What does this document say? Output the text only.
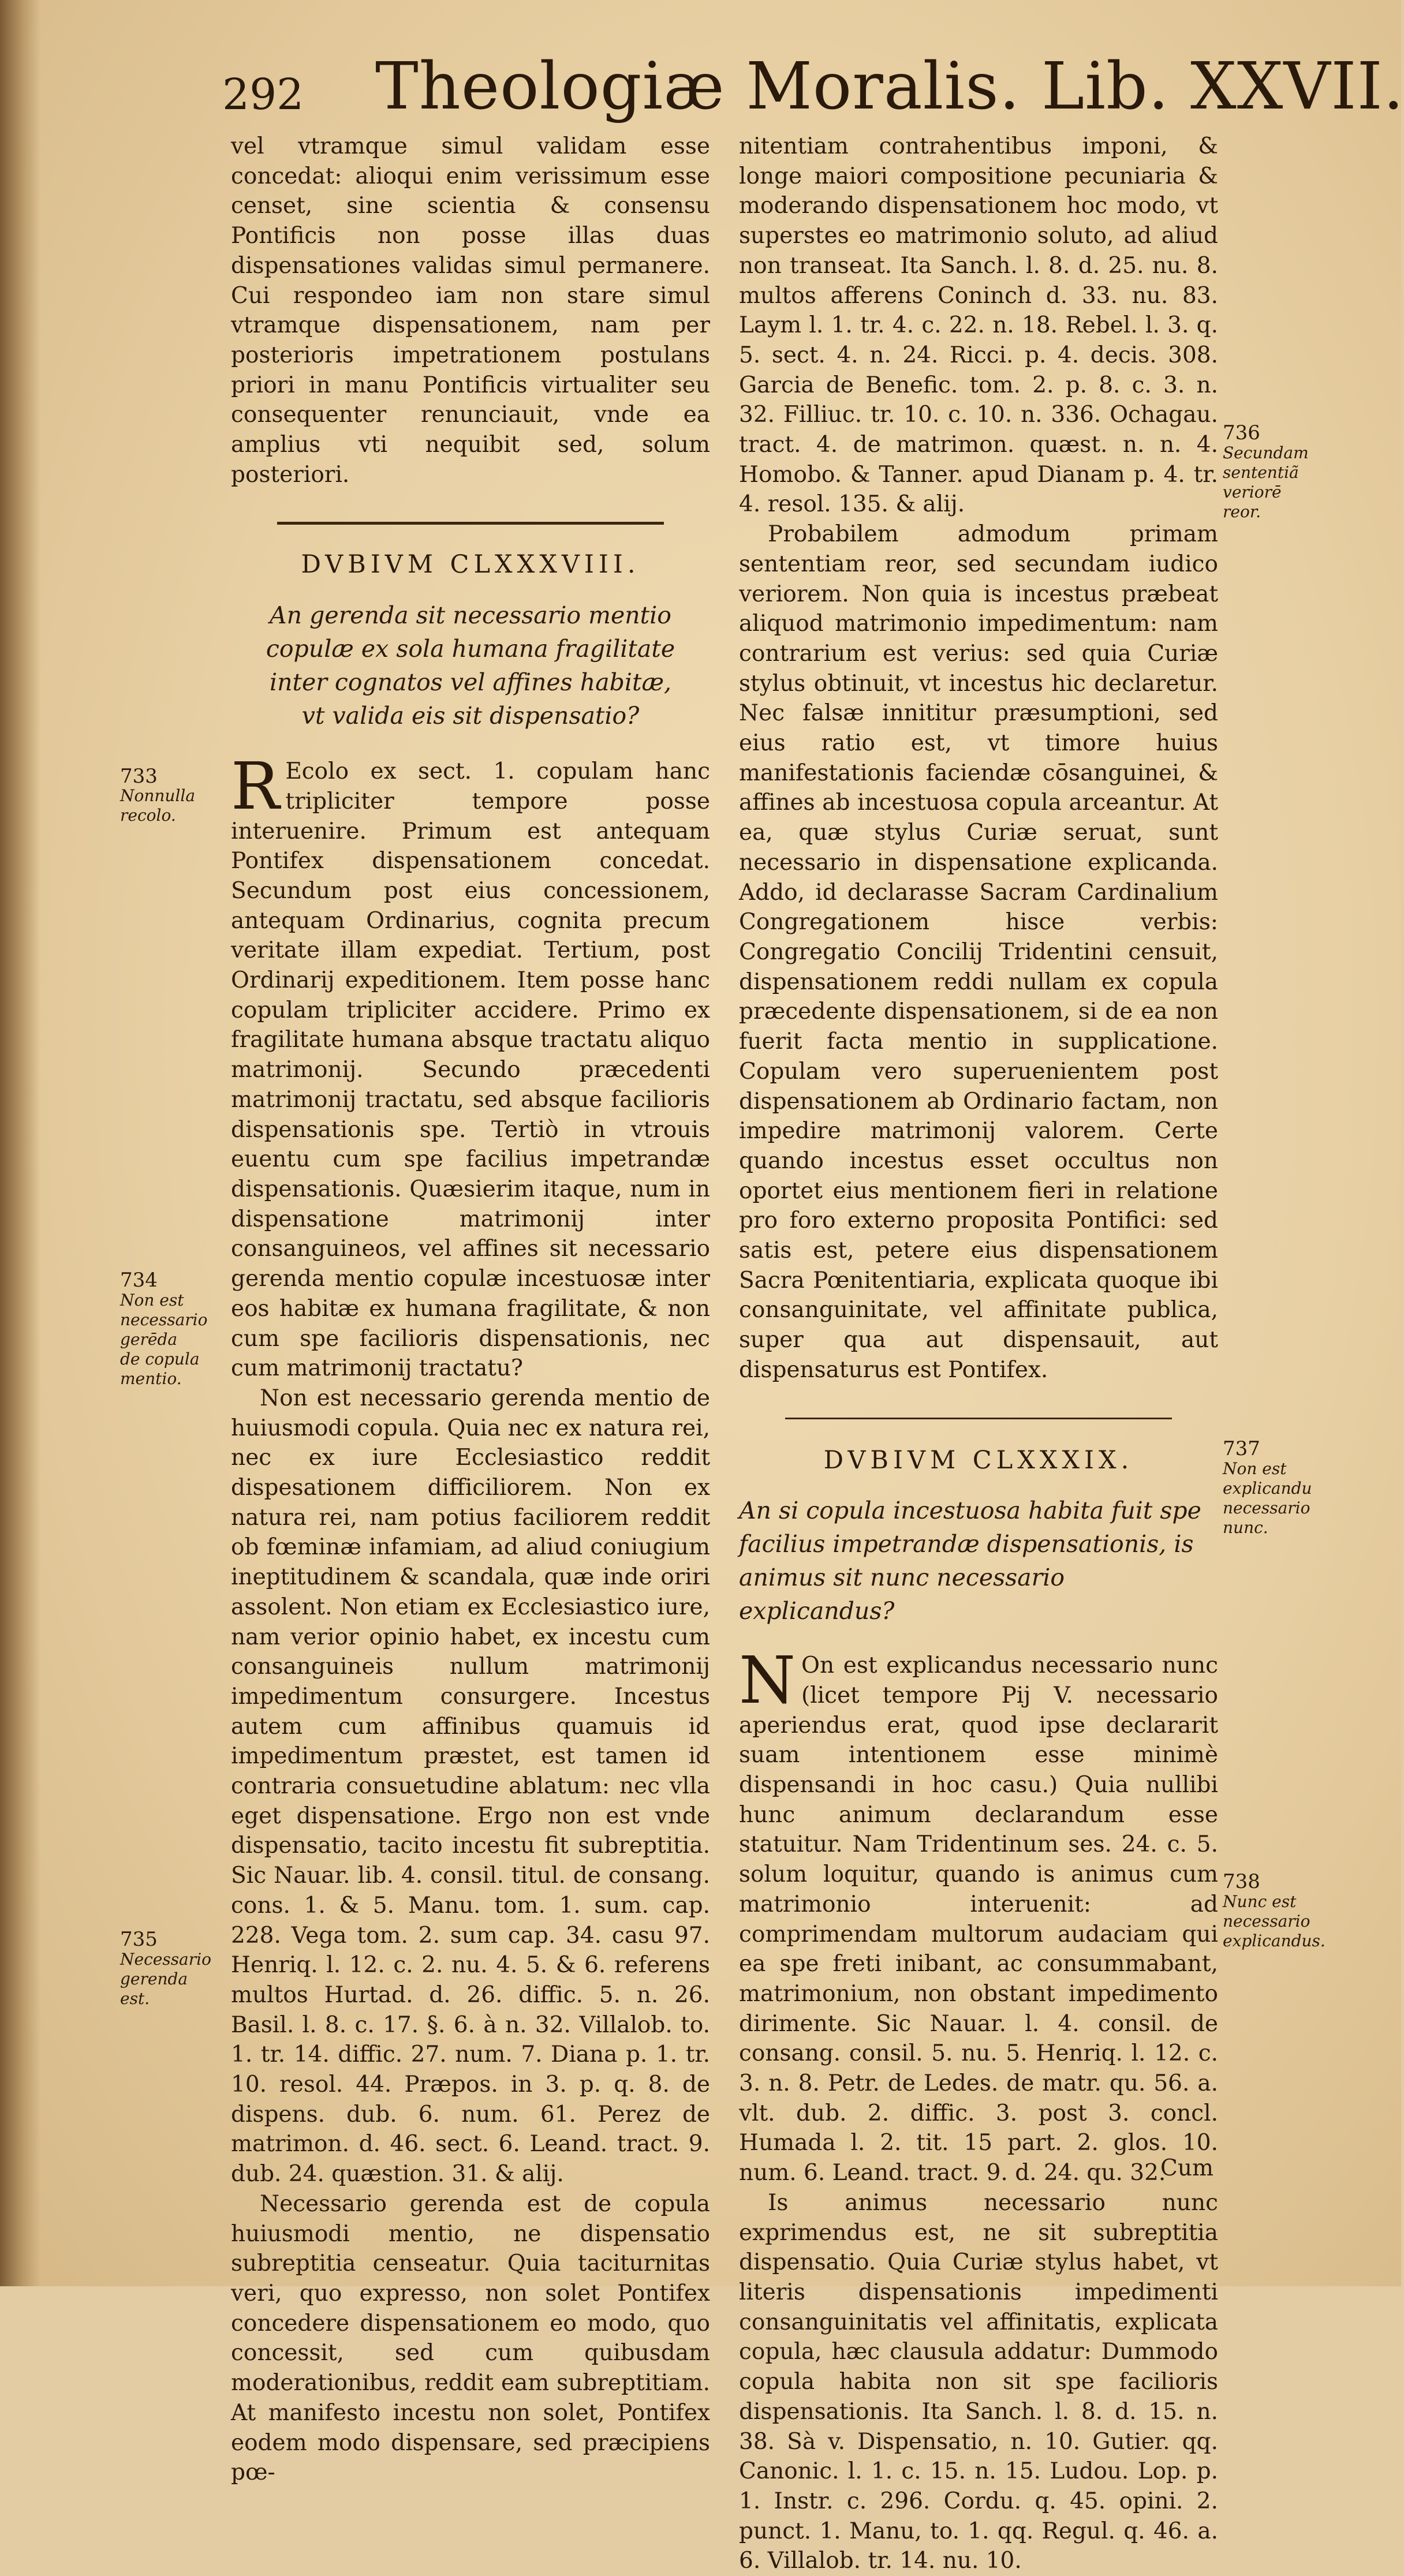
292 Theologiæ Moralis. Lib. XXVII.

vel vtramque simul validam esse concedat: alioqui enim verissimum esse censet, sine scientia & consensu Pontificis non posse illas duas dispensationes validas simul permanere. Cui respondeo iam non stare simul vtramque dispensationem, nam per posterioris impetrationem postulans priori in manu Pontificis virtualiter seu consequenter renunciauit, vnde ea amplius vti nequibit sed, solum posteriori.

DVBIVM CLXXXVIII.
An gerenda sit necessario mentio copulæ ex sola humana fragilitate inter cognatos vel affines habitæ, vt valida eis sit dispensatio?

R Ecolo ex sect. 1. copulam hanc tripliciter tempore posse interuenire. Primum est antequam Pontifex dispensationem concedat. Secundum post eius concessionem, antequam Ordinarius, cognita precum veritate illam expediat. Tertium, post Ordinarij expeditionem. Item posse hanc copulam tripliciter accidere. Primo ex fragilitate humana absque tractatu aliquo matrimonij. Secundo præcedenti matrimonij tractatu, sed absque facilioris dispensationis spe. Tertiò in vtrouis euentu cum spe facilius impetrandæ dispensationis. Quæsierim itaque, num in dispensatione matrimonij inter consanguineos, vel affines sit necessario gerenda mentio copulæ incestuosæ inter eos habitæ ex humana fragilitate, & non cum spe facilioris dispensationis, nec cum matrimonij tractatu?

Non est necessario gerenda mentio de huiusmodi copula. Quia nec ex natura rei, nec ex iure Ecclesiastico reddit dispesationem difficiliorem. Non ex natura rei, nam potius faciliorem reddit ob fœminæ infamiam, ad aliud coniugium ineptitudinem & scandala, quæ inde oriri assolent. Non etiam ex Ecclesiastico iure, nam verior opinio habet, ex incestu cum consanguineis nullum matrimonij impedimentum consurgere. Incestus autem cum affinibus quamuis id impedimentum præstet, est tamen id contraria consuetudine ablatum: nec vlla eget dispensatione. Ergo non est vnde dispensatio, tacito incestu fit subreptitia. Sic Nauar. lib. 4. consil. titul. de consang. cons. 1. & 5. Manu. tom. 1. sum. cap. 228. Vega tom. 2. sum cap. 34. casu 97. Henriq. l. 12. c. 2. nu. 4. 5. & 6. referens multos Hurtad. d. 26. diffic. 5. n. 26. Basil. l. 8. c. 17. §. 6. à n. 32. Villalob. to. 1. tr. 14. diffic. 27. num. 7. Diana p. 1. tr. 10. resol. 44. Præpos. in 3. p. q. 8. de dispens. dub. 6. num. 61. Perez de matrimon. d. 46. sect. 6. Leand. tract. 9. dub. 24. quæstion. 31. & alij.

Necessario gerenda est de copula huiusmodi mentio, ne dispensatio subreptitia censeatur. Quia taciturnitas veri, quo expresso, non solet Pontifex concedere dispensationem eo modo, quo concessit, sed cum quibusdam moderationibus, reddit eam subreptitiam. At manifesto incestu non solet, Pontifex eodem modo dispensare, sed præcipiens pœ-

nitentiam contrahentibus imponi, & longe maiori compositione pecuniaria & moderando dispensationem hoc modo, vt superstes eo matrimonio soluto, ad aliud non transeat. Ita Sanch. l. 8. d. 25. nu. 8. multos afferens Coninch d. 33. nu. 83. Laym l. 1. tr. 4. c. 22. n. 18. Rebel. l. 3. q. 5. sect. 4. n. 24. Ricci. p. 4. decis. 308. Garcia de Benefic. tom. 2. p. 8. c. 3. n. 32. Filliuc. tr. 10. c. 10. n. 336. Ochagau. tract. 4. de matrimon. quæst. n. n. 4. Homobo. & Tanner. apud Dianam p. 4. tr. 4. resol. 135. & alij.

Probabilem admodum primam sententiam reor, sed secundam iudico veriorem. Non quia is incestus præbeat aliquod matrimonio impedimentum: nam contrarium est verius: sed quia Curiæ stylus obtinuit, vt incestus hic declaretur. Nec falsæ innititur præsumptioni, sed eius ratio est, vt timore huius manifestationis faciendæ cōsanguinei, & affines ab incestuosa copula arceantur. At ea, quæ stylus Curiæ seruat, sunt necessario in dispensatione explicanda. Addo, id declarasse Sacram Cardinalium Congregationem hisce verbis: Congregatio Concilij Tridentini censuit, dispensationem reddi nullam ex copula præcedente dispensationem, si de ea non fuerit facta mentio in supplicatione. Copulam vero superuenientem post dispensationem ab Ordinario factam, non impedire matrimonij valorem. Certe quando incestus esset occultus non oportet eius mentionem fieri in relatione pro foro externo proposita Pontifici: sed satis est, petere eius dispensationem Sacra Pœnitentiaria, explicata quoque ibi consanguinitate, vel affinitate publica, super qua aut dispensauit, aut dispensaturus est Pontifex.

DVBIVM CLXXXIX.
An si copula incestuosa habita fuit spe facilius impetrandæ dispensationis, is animus sit nunc necessario explicandus?

N On est explicandus necessario nunc (licet tempore Pij V. necessario aperiendus erat, quod ipse declararit suam intentionem esse minimè dispensandi in hoc casu.) Quia nullibi hunc animum declarandum esse statuitur. Nam Tridentinum ses. 24. c. 5. solum loquitur, quando is animus cum matrimonio interuenit: ad comprimendam multorum audaciam qui ea spe freti inibant, ac consummabant, matrimonium, non obstant impedimento dirimente. Sic Nauar. l. 4. consil. de consang. consil. 5. nu. 5. Henriq. l. 12. c. 3. n. 8. Petr. de Ledes. de matr. qu. 56. a. vlt. dub. 2. diffic. 3. post 3. concl. Humada l. 2. tit. 15 part. 2. glos. 10. num. 6. Leand. tract. 9. d. 24. qu. 32.

Is animus necessario nunc exprimendus est, ne sit subreptitia dispensatio. Quia Curiæ stylus habet, vt literis dispensationis impedimenti consanguinitatis vel affinitatis, explicata copula, hæc clausula addatur: Dummodo copula habita non sit spe facilioris dispensationis. Ita Sanch. l. 8. d. 15. n. 38. Sà v. Dispensatio, n. 10. Gutier. qq. Canonic. l. 1. c. 15. n. 15. Ludou. Lop. p. 1. Instr. c. 296. Cordu. q. 45. opini. 2. punct. 1. Manu, to. 1. qq. Regul. q. 46. a. 6. Villalob. tr. 14. nu. 10.

Cum
733
Nonnulla recolo.
734
Non est necessario gerēda de copula mentio.
735
Necessario gerenda est.
736
Secundam sententiã veriorē reor.
737
Non est explicandu necessario nunc.
738
Nunc est necessario explicandus.
